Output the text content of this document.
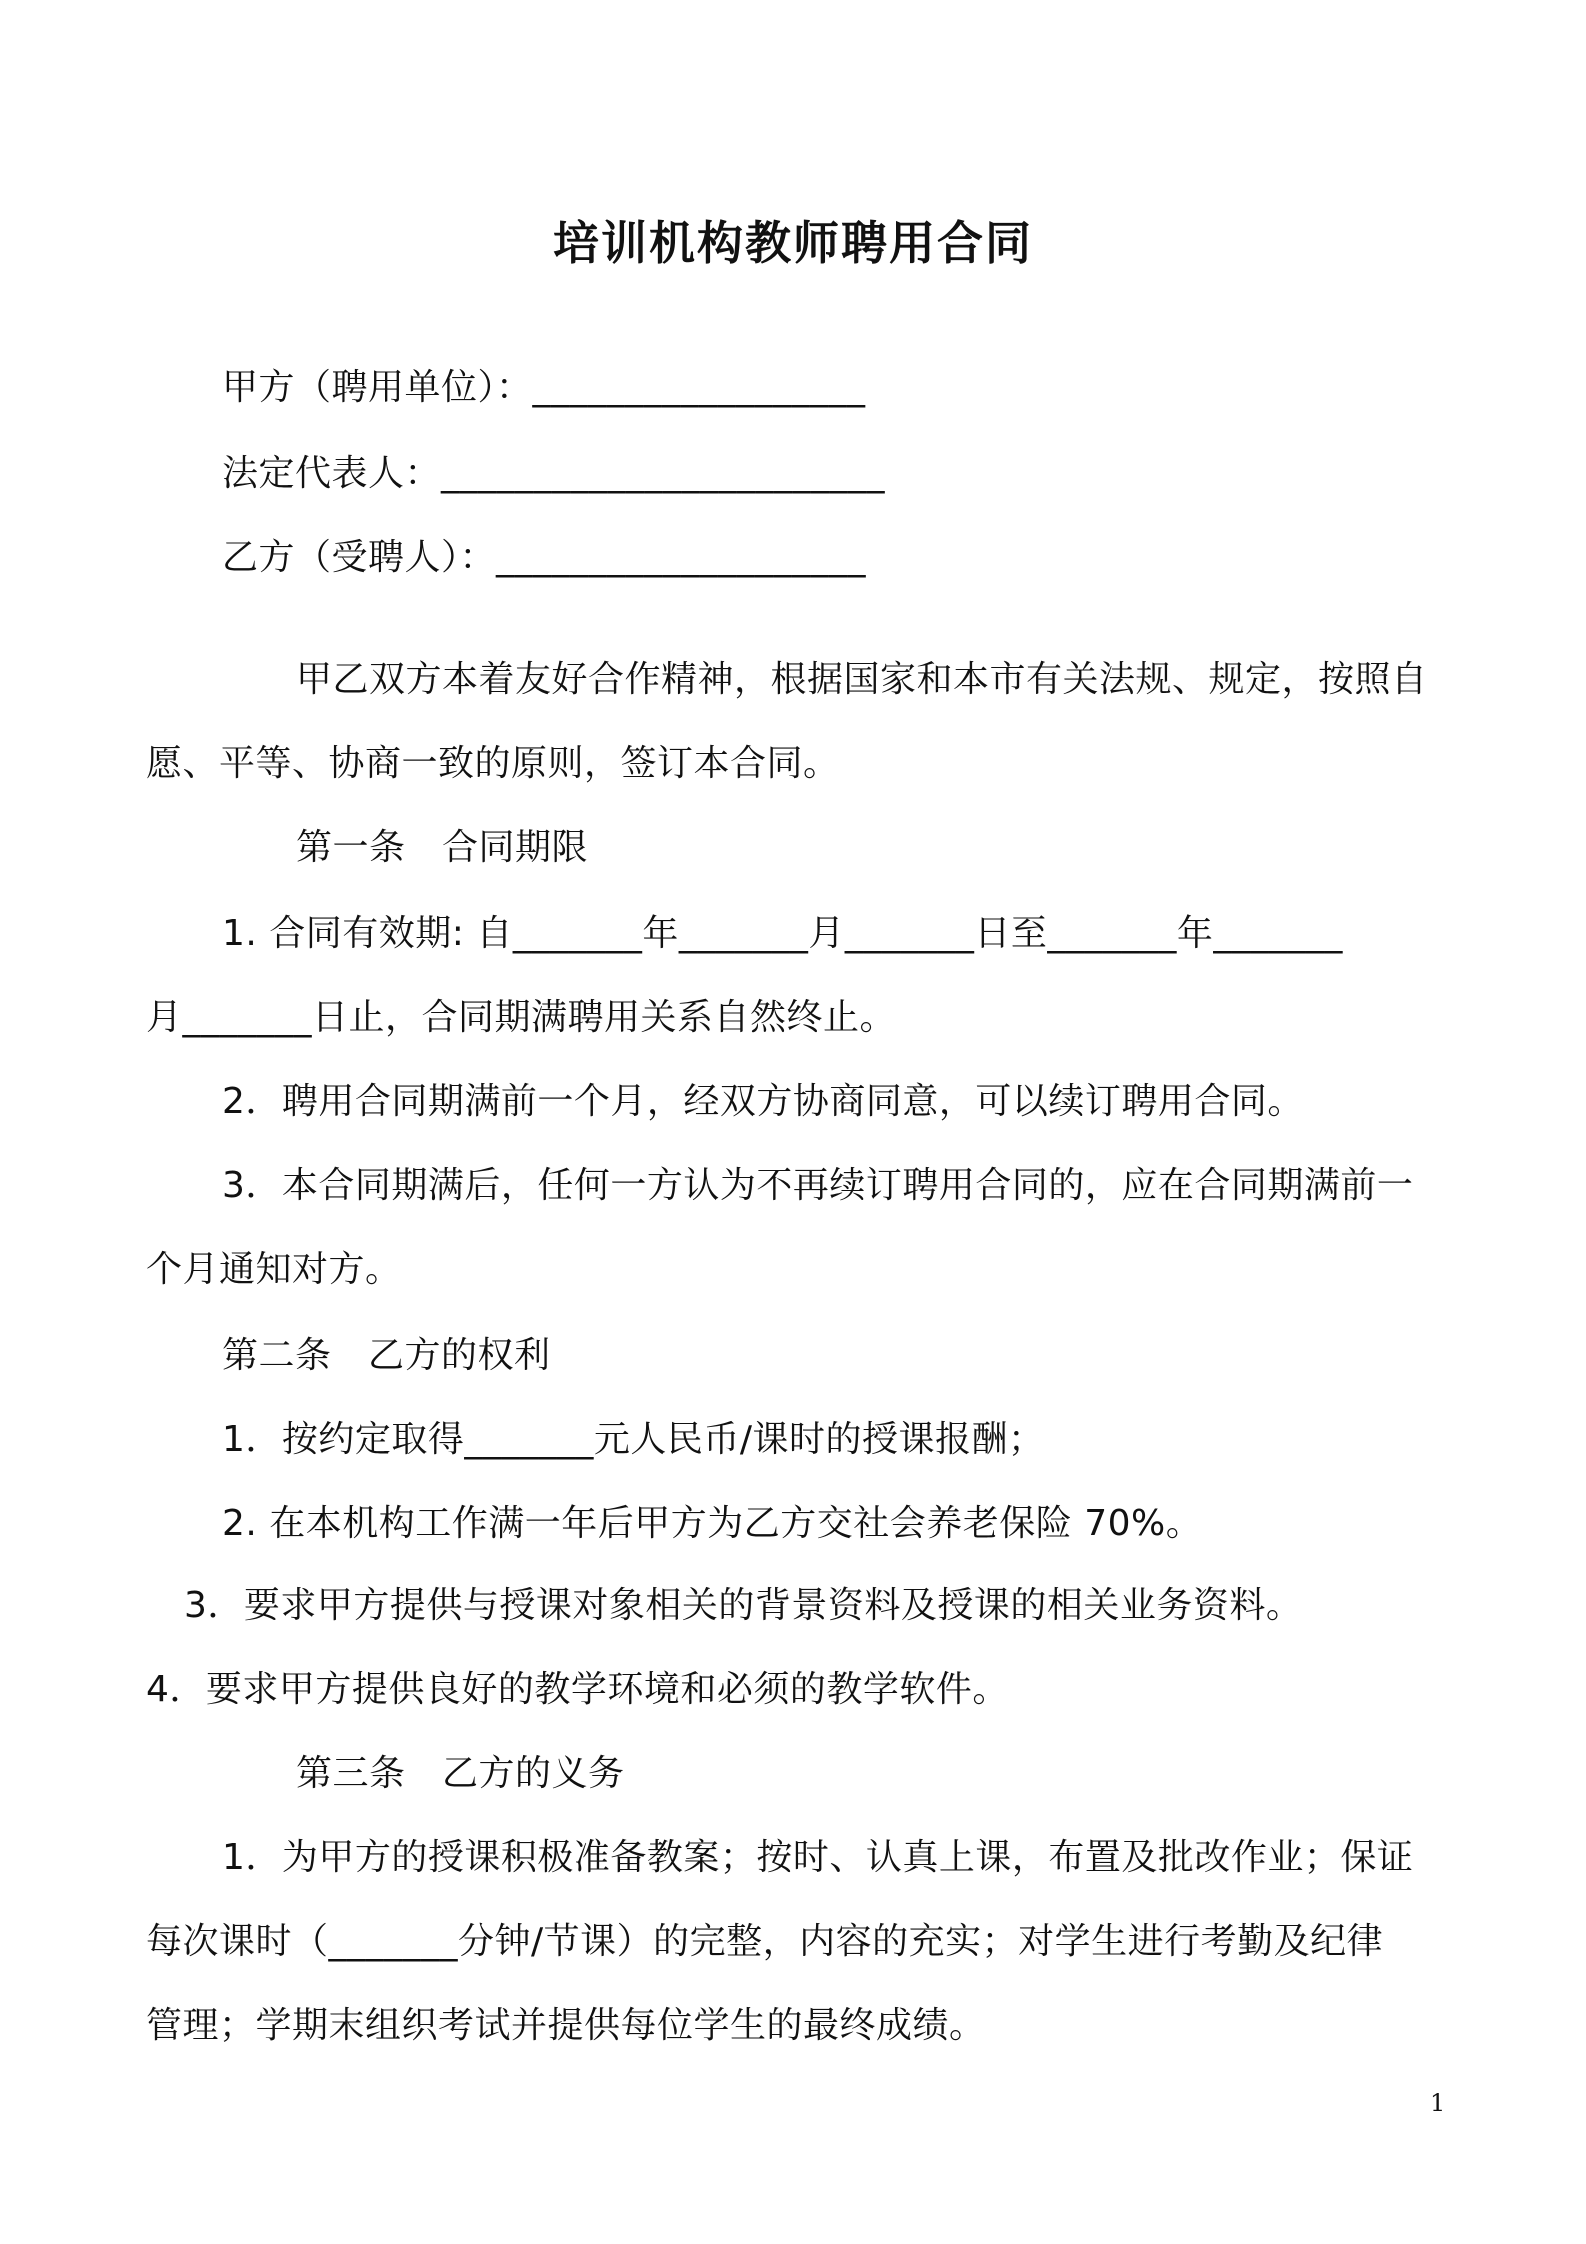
培训机构教师聘用合同
甲方（聘用单位）：__________________
法定代表人：________________________
乙方（受聘人）：____________________
甲乙双方本着友好合作精神，根据国家和本市有关法规、规定，按照自
愿、平等、协商一致的原则，签订本合同。
第一条　合同期限
1. 合同有效期: 自_______年_______月_______日至_______年_______
月_______日止，合同期满聘用关系自然终止。
2．聘用合同期满前一个月，经双方协商同意，可以续订聘用合同。
3．本合同期满后，任何一方认为不再续订聘用合同的，应在合同期满前一
个月通知对方。
第二条　乙方的权利
1．按约定取得_______元人民币/课时的授课报酬；
2. 在本机构工作满一年后甲方为乙方交社会养老保险 70%。
3．要求甲方提供与授课对象相关的背景资料及授课的相关业务资料。
4．要求甲方提供良好的教学环境和必须的教学软件。
第三条　乙方的义务
1．为甲方的授课积极准备教案；按时、认真上课，布置及批改作业；保证
每次课时（_______分钟/节课）的完整，内容的充实；对学生进行考勤及纪律
管理；学期末组织考试并提供每位学生的最终成绩。
1
